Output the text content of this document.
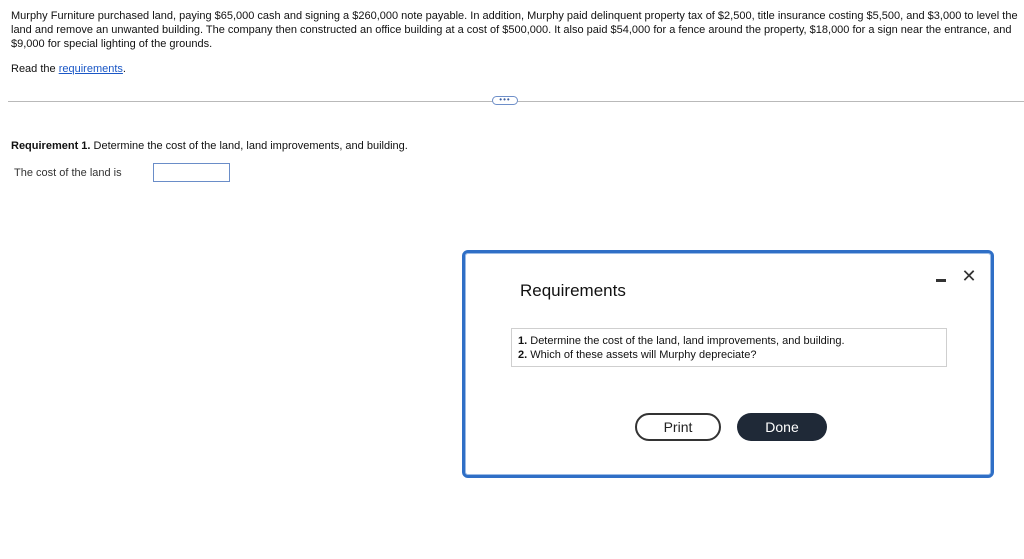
Murphy Furniture purchased land, paying $65,000 cash and signing a $260,000 note payable. In addition, Murphy paid delinquent property tax of $2,500, title insurance costing $5,500, and $3,000 to level the land and remove an unwanted building. The company then constructed an office building at a cost of $500,000. It also paid $54,000 for a fence around the property, $18,000 for a sign near the entrance, and $9,000 for special lighting of the grounds.
Read the requirements.
•••
Requirement 1. Determine the cost of the land, land improvements, and building.
The cost of the land is
Requirements
✕
1. Determine the cost of the land, land improvements, and building.
2. Which of these assets will Murphy depreciate?
Print	Done
